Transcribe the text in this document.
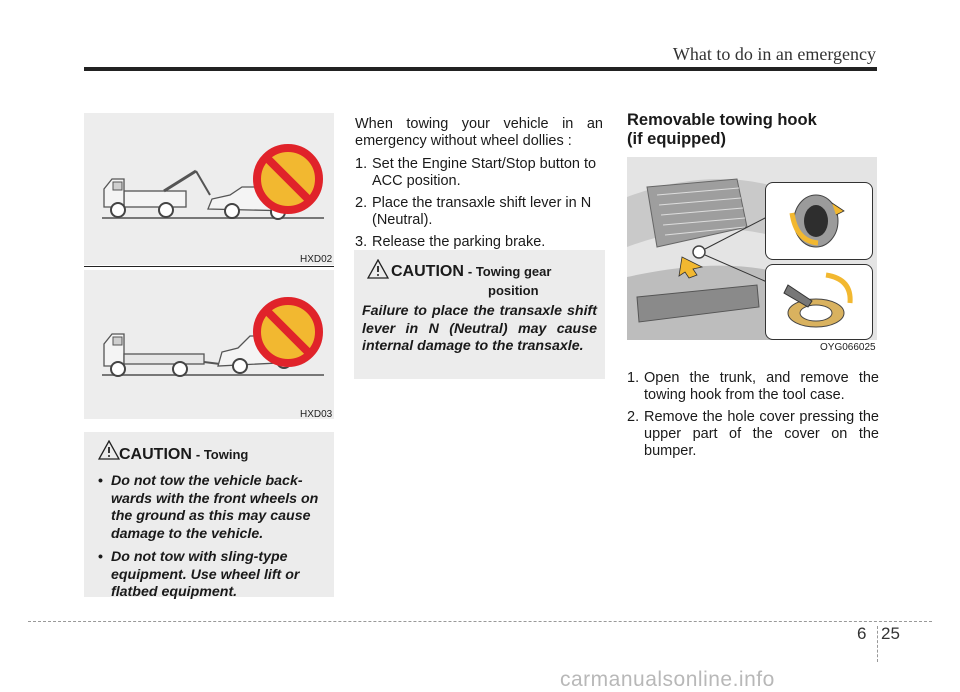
What to do in an emergency
HXD02
HXD03
CAUTION - Towing
• Do not tow the vehicle back-wards with the front wheels on the ground as this may cause damage to the vehicle.
• Do not tow with sling-type equipment. Use wheel lift or flatbed equipment.

When towing your vehicle in an emergency without wheel dollies :

1. Set the Engine Start/Stop button to ACC position.
2. Place the transaxle shift lever in N (Neutral).
3. Release the parking brake.
CAUTION - Towing gear
position

Failure to place the transaxle shift lever in N (Neutral) may cause internal damage to the transaxle.

Removable towing hook
(if equipped)
OYG066025
1. Open the trunk, and remove the towing hook from the tool case.
2. Remove the hole cover pressing the upper part of the cover on the bumper.
6 25
carmanualsonline.info
